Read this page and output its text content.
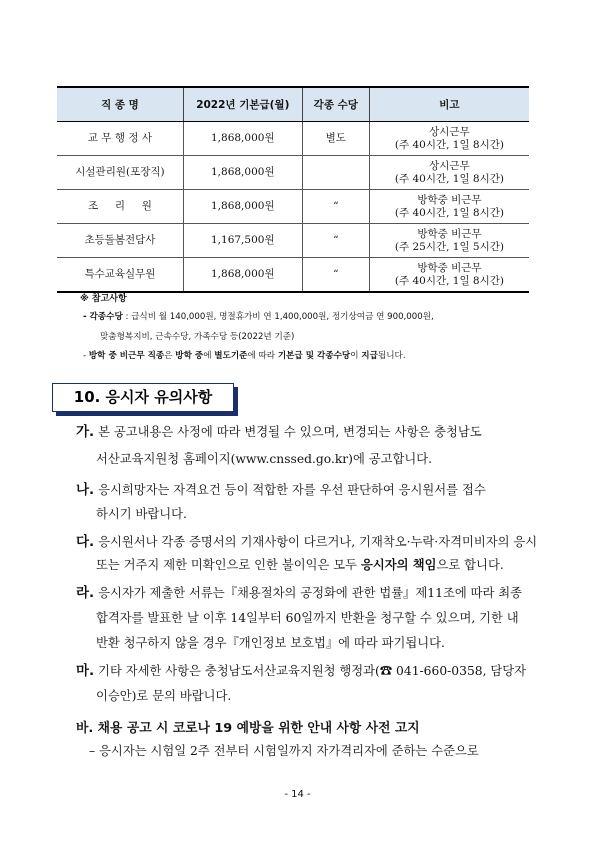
직 종 명	2022년 기본급(월)	각종 수당	비고
교 무 행 정 사	1,868,000원	별도	상시근무
(주 40시간, 1일 8시간)
시설관리원(포장직)	1,868,000원		상시근무
(주 40시간, 1일 8시간)
조     리     원	1,868,000원	“	방학중 비근무
(주 40시간, 1일 8시간)
초등돌봄전담사	1,167,500원	“	방학중 비근무
(주 25시간, 1일 5시간)
특수교육실무원	1,868,000원	“	방학중 비근무
(주 40시간, 1일 8시간)
※ 참고사항
- 각종수당 : 급식비 월 140,000원, 명절휴가비 연 1,400,000원, 정기상여금 연 900,000원,
맞춤형복지비, 근속수당, 가족수당 등(2022년 기준)
- 방학 중 비근무 직종은 방학 중에 별도기준에 따라 기본급 및 각종수당이 지급됩니다.
10. 응시자 유의사항
가. 본 공고내용은 사정에 따라 변경될 수 있으며, 변경되는 사항은 충청남도
서산교육지원청 홈페이지(www.cnssed.go.kr)에 공고합니다.
나. 응시희망자는 자격요건 등이 적합한 자를 우선 판단하여 응시원서를 접수
하시기 바랍니다.
다. 응시원서나 각종 증명서의 기재사항이 다르거나, 기재착오·누락·자격미비자의 응시
또는 거주지 제한 미확인으로 인한 불이익은 모두 응시자의 책임으로 합니다.
라. 응시자가 제출한 서류는『채용절차의 공정화에 관한 법률』제11조에 따라 최종
합격자를 발표한 날 이후 14일부터 60일까지 반환을 청구할 수 있으며, 기한 내
반환 청구하지 않을 경우『개인정보 보호법』에 따라 파기됩니다.
마. 기타 자세한 사항은 충청남도서산교육지원청 행정과(☎ 041-660-0358, 담당자
이승안)로 문의 바랍니다.
바. 채용 공고 시 코로나 19 예방을 위한 안내 사항 사전 고지
– 응시자는 시험일 2주 전부터 시험일까지 자가격리자에 준하는 수준으로
- 14 -
